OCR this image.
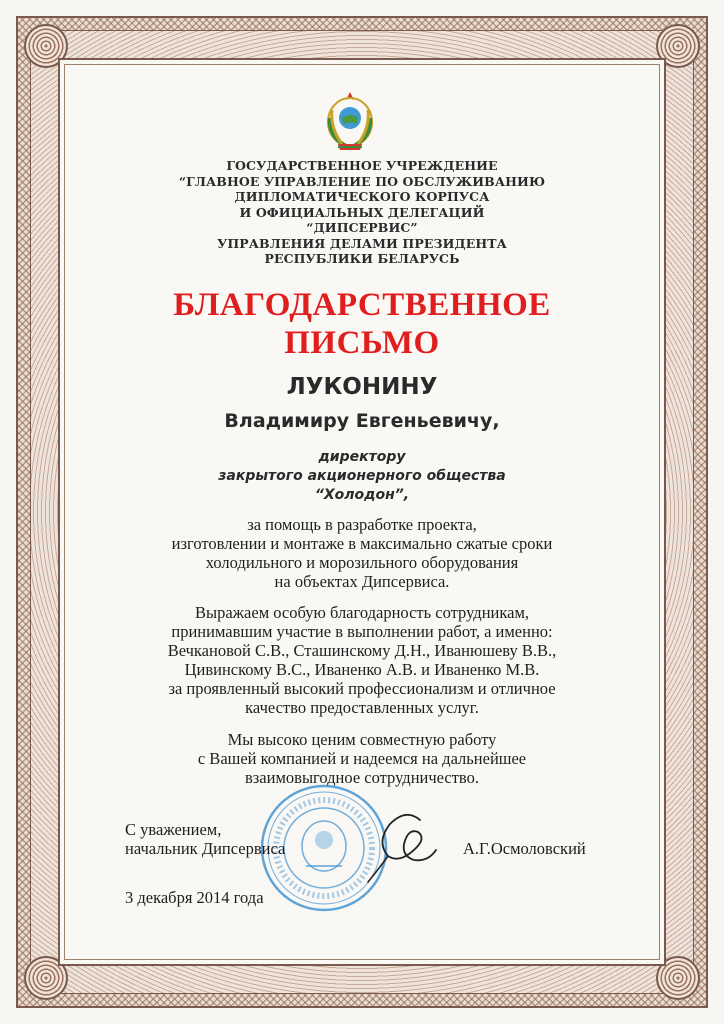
ГОСУДАРСТВЕННОЕ УЧРЕЖДЕНИЕ
“ГЛАВНОЕ УПРАВЛЕНИЕ ПО ОБСЛУЖИВАНИЮ
ДИПЛОМАТИЧЕСКОГО КОРПУСА
И ОФИЦИАЛЬНЫХ ДЕЛЕГАЦИЙ
“ДИПСЕРВИС”
УПРАВЛЕНИЯ ДЕЛАМИ ПРЕЗИДЕНТА
РЕСПУБЛИКИ БЕЛАРУСЬ
БЛАГОДАРСТВЕННОЕ
ПИСЬМО
ЛУКОНИНУ
Владимиру Евгеньевичу,
директору
закрытого акционерного общества
“Холодон”,
за помощь в разработке проекта,
изготовлении и монтаже в максимально сжатые сроки
холодильного и морозильного оборудования
на объектах Дипсервиса.
Выражаем особую благодарность сотрудникам,
принимавшим участие в выполнении работ, а именно:
Вечкановой С.В., Сташинскому Д.Н., Иванюшеву В.В.,
Цивинскому В.С., Иваненко А.В. и Иваненко М.В.
за проявленный высокий профессионализм и отличное
качество предоставленных услуг.
Мы высоко ценим совместную работу
с Вашей компанией и надеемся на дальнейшее
взаимовыгодное сотрудничество.
С уважением,
начальник Дипсервиса	А.Г.Осмоловский
3 декабря 2014 года
